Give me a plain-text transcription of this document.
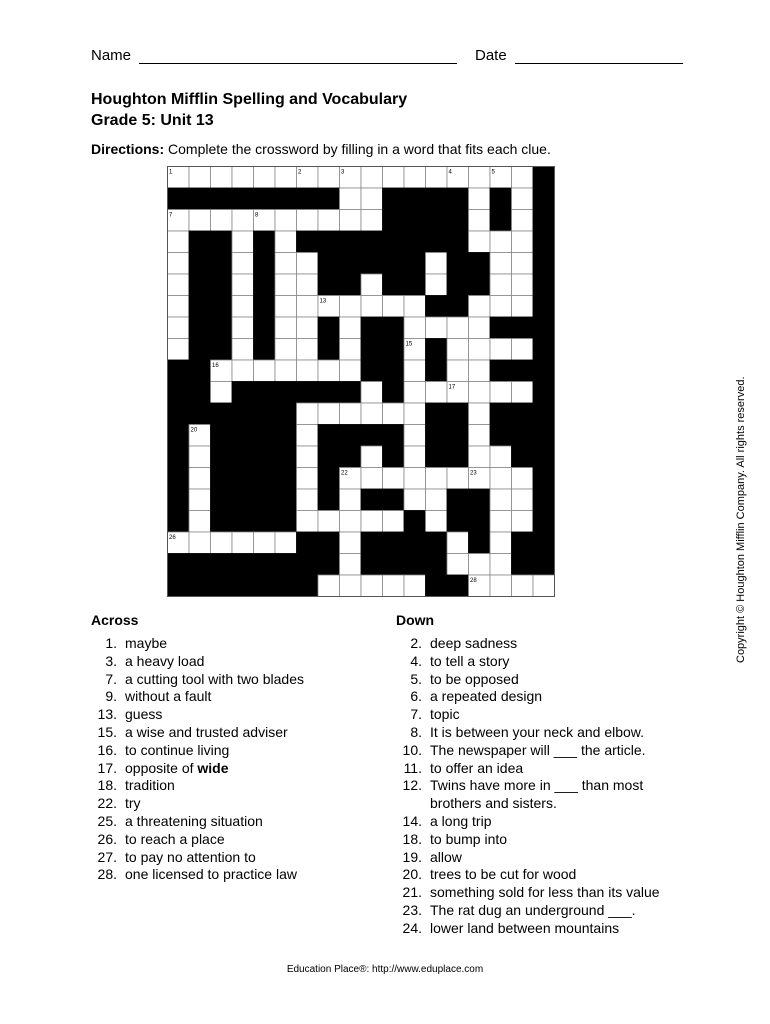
Name	Date
Houghton Mifflin Spelling and Vocabulary
Grade 5: Unit 13
Directions: Complete the crossword by filling in a word that fits each clue.
1	2	3	4	5
7	8
13
15
16
17
20
22	23
26
28	Copyright © Houghton Mifflin Company. All rights reserved.
Across
1. maybe
3. a heavy load
7. a cutting tool with two blades
9. without a fault
13. guess
15. a wise and trusted adviser
16. to continue living
17. opposite of wide
18. tradition
22. try
25. a threatening situation
26. to reach a place
27. to pay no attention to
28. one licensed to practice law
Down
2. deep sadness
4. to tell a story
5. to be opposed
6. a repeated design
7. topic
8. It is between your neck and elbow.
10. The newspaper will ___ the article.
11. to offer an idea
12. Twins have more in ___ than most brothers and sisters.
14. a long trip
18. to bump into
19. allow
20. trees to be cut for wood
21. something sold for less than its value
23. The rat dug an underground ___.
24. lower land between mountains
Education Place®: http://www.eduplace.com
